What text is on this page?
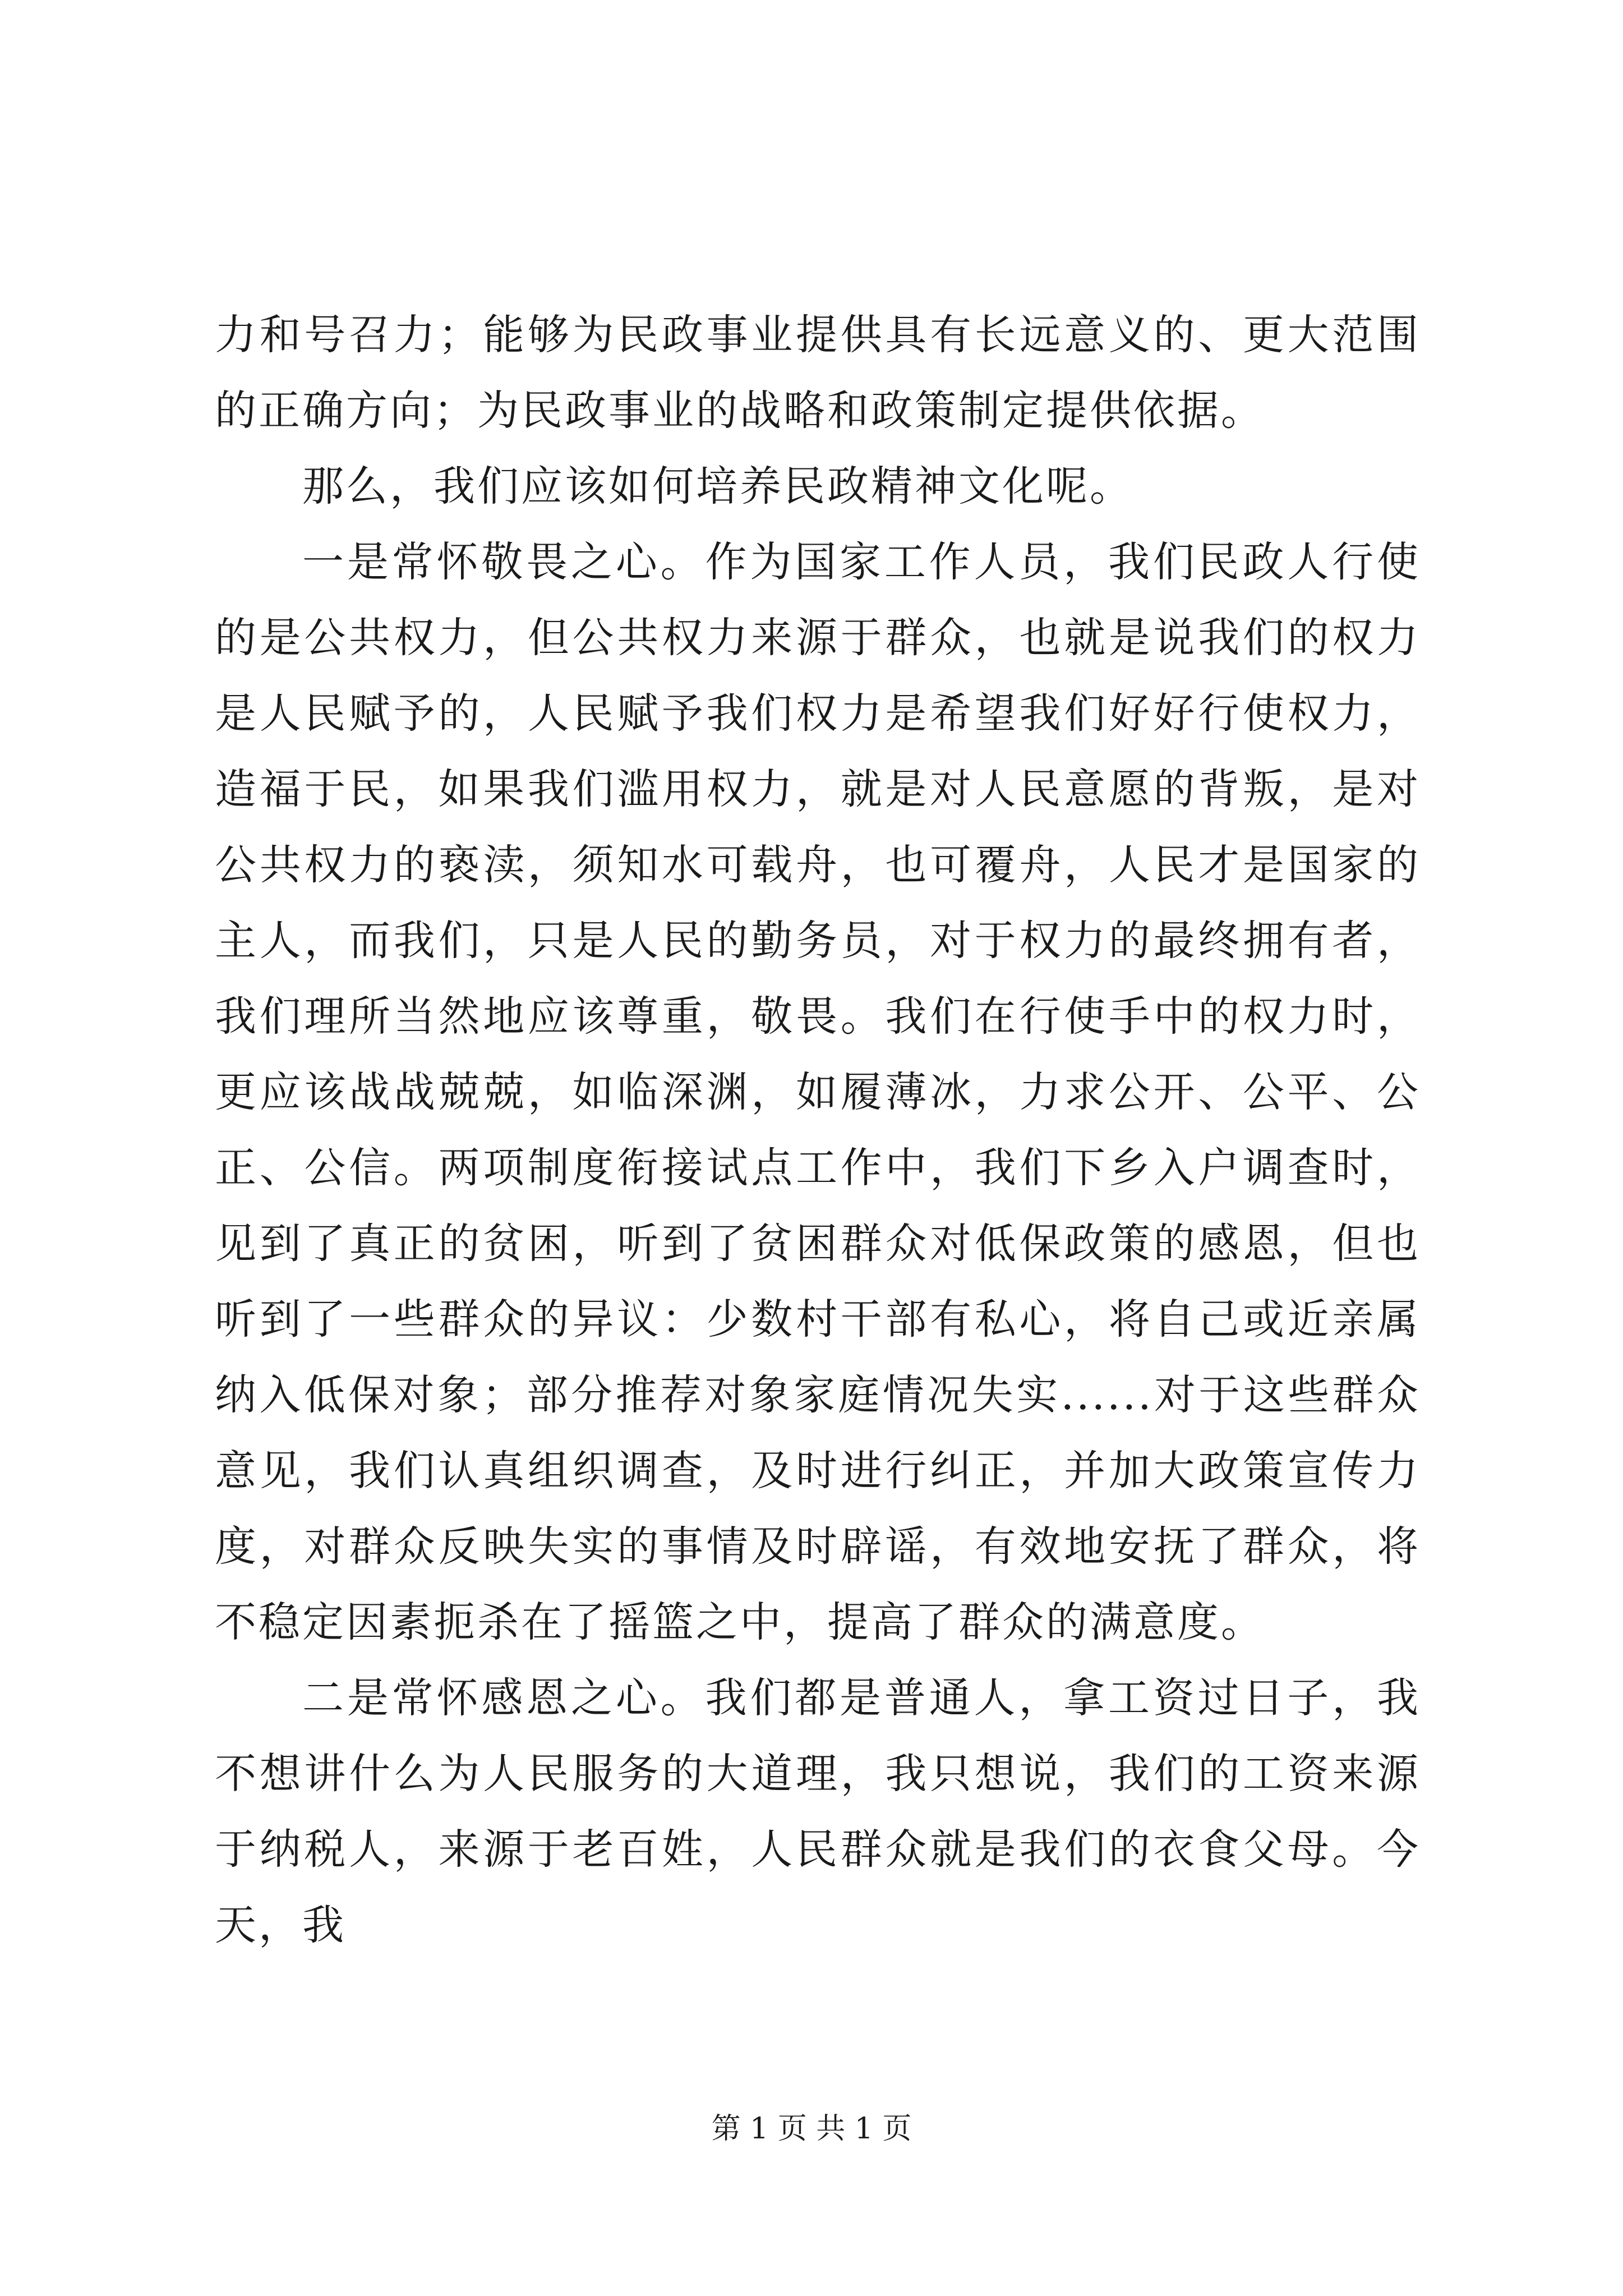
力和号召力；能够为民政事业提供具有长远意义的、更大范围的正确方向；为民政事业的战略和政策制定提供依据。

那么，我们应该如何培养民政精神文化呢。

一是常怀敬畏之心。作为国家工作人员，我们民政人行使的是公共权力，但公共权力来源于群众，也就是说我们的权力是人民赋予的，人民赋予我们权力是希望我们好好行使权力，造福于民，如果我们滥用权力，就是对人民意愿的背叛，是对公共权力的亵渎，须知水可载舟，也可覆舟，人民才是国家的主人，而我们，只是人民的勤务员，对于权力的最终拥有者，我们理所当然地应该尊重，敬畏。我们在行使手中的权力时，更应该战战兢兢，如临深渊，如履薄冰，力求公开、公平、公正、公信。两项制度衔接试点工作中，我们下乡入户调查时，见到了真正的贫困，听到了贫困群众对低保政策的感恩，但也听到了一些群众的异议：少数村干部有私心，将自己或近亲属纳入低保对象；部分推荐对象家庭情况失实......对于这些群众意见，我们认真组织调查，及时进行纠正，并加大政策宣传力度，对群众反映失实的事情及时辟谣，有效地安抚了群众，将不稳定因素扼杀在了摇篮之中，提高了群众的满意度。

二是常怀感恩之心。我们都是普通人，拿工资过日子，我不想讲什么为人民服务的大道理，我只想说，我们的工资来源于纳税人，来源于老百姓，人民群众就是我们的衣食父母。今天，我

第 1 页 共 1 页
